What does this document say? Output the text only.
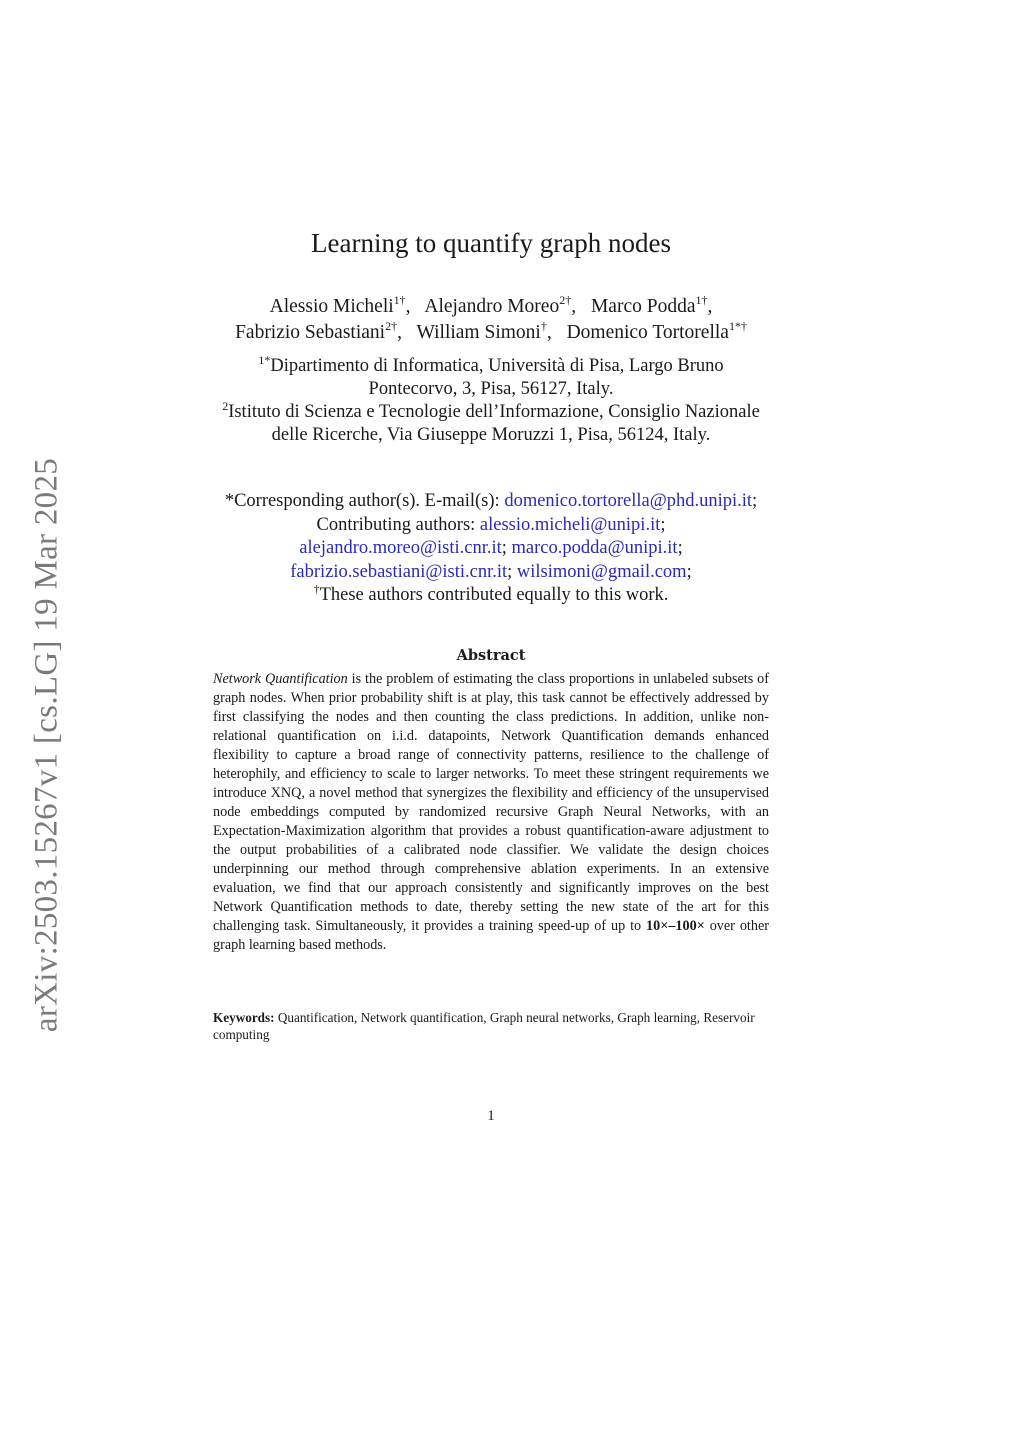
arXiv:2503.15267v1 [cs.LG] 19 Mar 2025
Learning to quantify graph nodes
Alessio Micheli$^{1\dagger}$, Alejandro Moreo$^{2\dagger}$, Marco Podda$^{1\dagger}$,
Fabrizio Sebastiani$^{2\dagger}$, William Simoni†, Domenico Tortorella$^{1*\dagger}$

$^{1*}$Dipartimento di Informatica, Università di Pisa, Largo Bruno

Pontecorvo, 3, Pisa, 56127, Italy.

$^2$Istituto di Scienza e Tecnologie dell’Informazione, Consiglio Nazionale

delle Ricerche, Via Giuseppe Moruzzi 1, Pisa, 56124, Italy.

*Corresponding author(s). E-mail(s): domenico.tortorella@phd.unipi.it;

Contributing authors: alessio.micheli@unipi.it;

alejandro.moreo@isti.cnr.it; marco.podda@unipi.it;

fabrizio.sebastiani@isti.cnr.it; wilsimoni@gmail.com;

†These authors contributed equally to this work.

Abstract

Network Quantification is the problem of estimating the class proportions in unlabeled subsets of graph nodes. When prior probability shift is at play, this task cannot be effectively addressed by first classifying the nodes and then counting the class predictions. In addition, unlike non-relational quantification on i.i.d. datapoints, Network Quantification demands enhanced flexibility to capture a broad range of connectivity patterns, resilience to the challenge of heterophily, and efficiency to scale to larger networks. To meet these stringent requirements we introduce XNQ, a novel method that synergizes the flexibility and efficiency of the unsupervised node embeddings computed by randomized recursive Graph Neural Networks, with an Expectation-Maximization algorithm that provides a robust quantification-aware adjustment to the output probabilities of a calibrated node classifier. We validate the design choices underpinning our method through comprehensive ablation experiments. In an extensive evaluation, we find that our approach consistently and significantly improves on the best Network Quantification methods to date, thereby setting the new state of the art for this challenging task. Simultaneously, it provides a training speed-up of up to 10×–100× over other graph learning based methods.

Keywords: Quantification, Network quantification, Graph neural networks, Graph learning, Reservoir computing
1
